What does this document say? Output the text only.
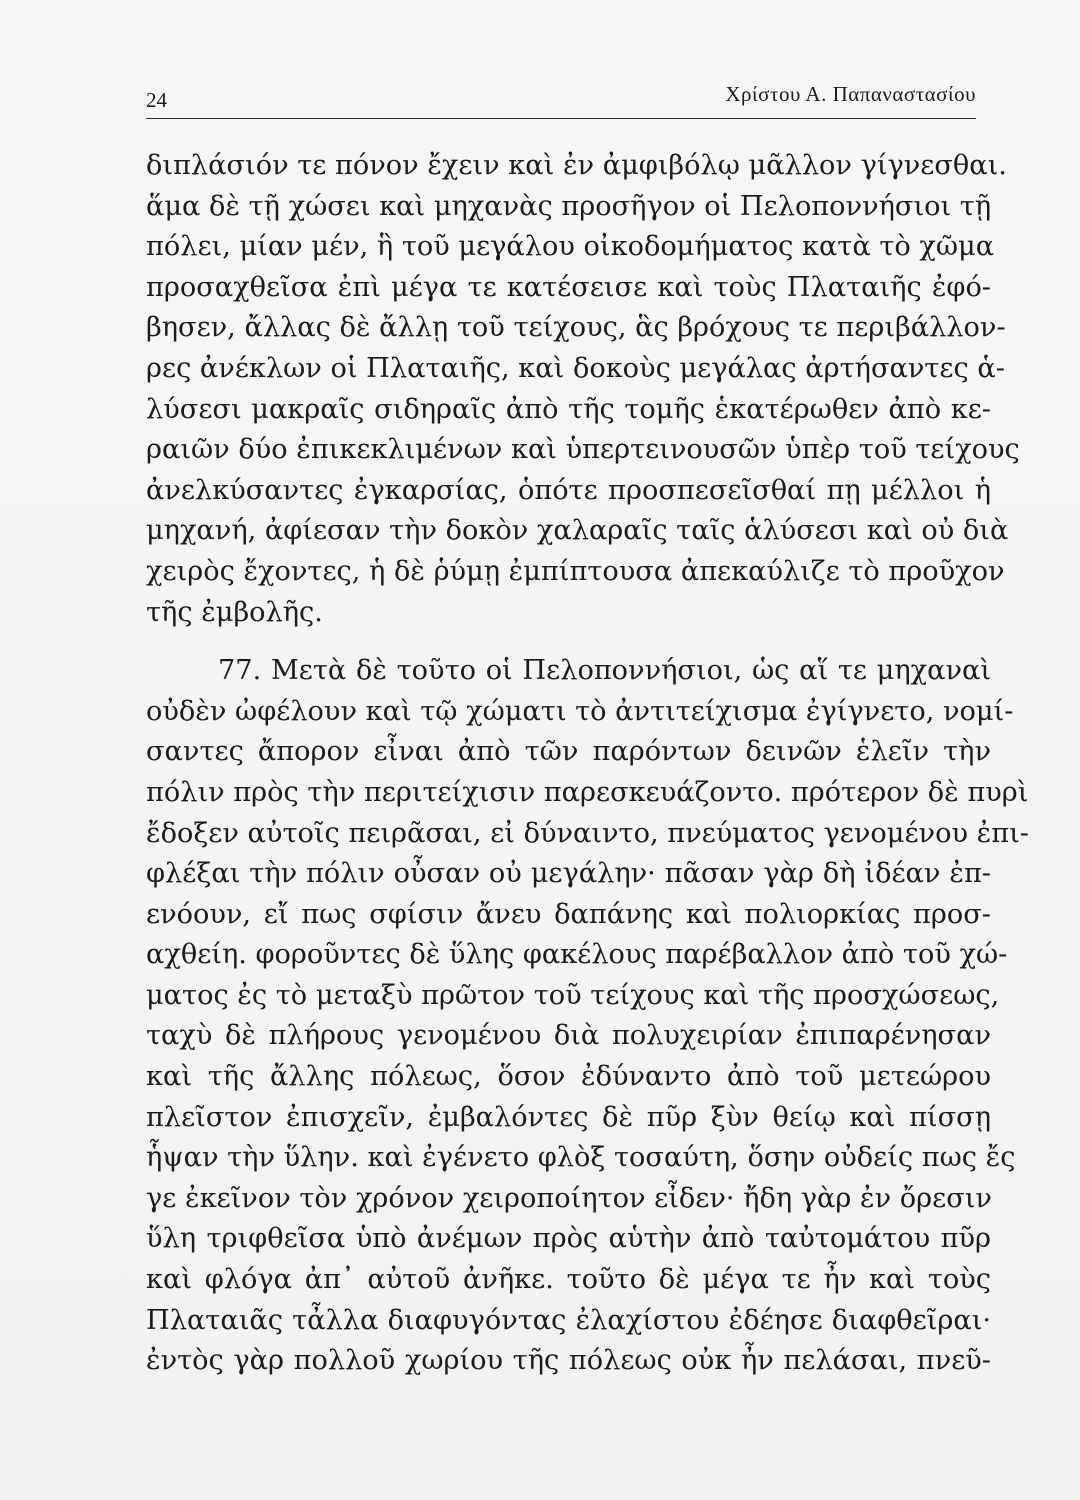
24	Χρίστου Α. Παπαναστασίου
διπλάσιόν τε πόνον ἔχειν καὶ ἐν ἀμφιβόλῳ μᾶλλον γίγνεσθαι.
ἅμα δὲ τῇ χώσει καὶ μηχανὰς προσῆγον οἱ Πελοποννήσιοι τῇ
πόλει, μίαν μέν, ἣ τοῦ μεγάλου οἰκοδομήματος κατὰ τὸ χῶμα
προσαχθεῖσα ἐπὶ μέγα τε κατέσεισε καὶ τοὺς Πλαταιῆς ἐφό-
βησεν, ἄλλας δὲ ἄλλῃ τοῦ τείχους, ἃς βρόχους τε περιβάλλον-
ρες ἀνέκλων οἱ Πλαταιῆς, καὶ δοκοὺς μεγάλας ἀρτήσαντες ἁ-
λύσεσι μακραῖς σιδηραῖς ἀπὸ τῆς τομῆς ἑκατέρωθεν ἀπὸ κε-
ραιῶν δύο ἐπικεκλιμένων καὶ ὑπερτεινουσῶν ὑπὲρ τοῦ τείχους
ἀνελκύσαντες ἐγκαρσίας, ὁπότε προσπεσεῖσθαί πῃ μέλλοι ἡ
μηχανή, ἀφίεσαν τὴν δοκὸν χαλαραῖς ταῖς ἁλύσεσι καὶ οὐ διὰ
χειρὸς ἔχοντες, ἡ δὲ ῥύμῃ ἐμπίπτουσα ἀπεκαύλιζε τὸ προῦχον
τῆς ἐμβολῆς.
77. Μετὰ δὲ τοῦτο οἱ Πελοποννήσιοι, ὡς αἵ τε μηχαναὶ
οὐδὲν ὠφέλουν καὶ τῷ χώματι τὸ ἀντιτείχισμα ἐγίγνετο, νομί-
σαντες ἄπορον εἶναι ἀπὸ τῶν παρόντων δεινῶν ἑλεῖν τὴν
πόλιν πρὸς τὴν περιτείχισιν παρεσκευάζοντο. πρότερον δὲ πυρὶ
ἔδοξεν αὐτοῖς πειρᾶσαι, εἰ δύναιντο, πνεύματος γενομένου ἐπι-
φλέξαι τὴν πόλιν οὖσαν οὐ μεγάλην· πᾶσαν γὰρ δὴ ἰδέαν ἐπ-
ενόουν, εἴ πως σφίσιν ἄνευ δαπάνης καὶ πολιορκίας προσ-
αχθείη. φοροῦντες δὲ ὕλης φακέλους παρέβαλλον ἀπὸ τοῦ χώ-
ματος ἐς τὸ μεταξὺ πρῶτον τοῦ τείχους καὶ τῆς προσχώσεως,
ταχὺ δὲ πλήρους γενομένου διὰ πολυχειρίαν ἐπιπαρένησαν
καὶ τῆς ἄλλης πόλεως, ὅσον ἐδύναντο ἀπὸ τοῦ μετεώρου
πλεῖστον ἐπισχεῖν, ἐμβαλόντες δὲ πῦρ ξὺν θείῳ καὶ πίσσῃ
ἧψαν τὴν ὕλην. καὶ ἐγένετο φλὸξ τοσαύτη, ὅσην οὐδείς πως ἔς
γε ἐκεῖνον τὸν χρόνον χειροποίητον εἶδεν· ἤδη γὰρ ἐν ὄρεσιν
ὕλη τριφθεῖσα ὑπὸ ἀνέμων πρὸς αὑτὴν ἀπὸ ταὐτομάτου πῦρ
καὶ φλόγα ἀπ᾽ αὐτοῦ ἀνῆκε. τοῦτο δὲ μέγα τε ἦν καὶ τοὺς
Πλαταιᾶς τἆλλα διαφυγόντας ἐλαχίστου ἐδέησε διαφθεῖραι·
ἐντὸς γὰρ πολλοῦ χωρίου τῆς πόλεως οὐκ ἦν πελάσαι, πνεῦ-
